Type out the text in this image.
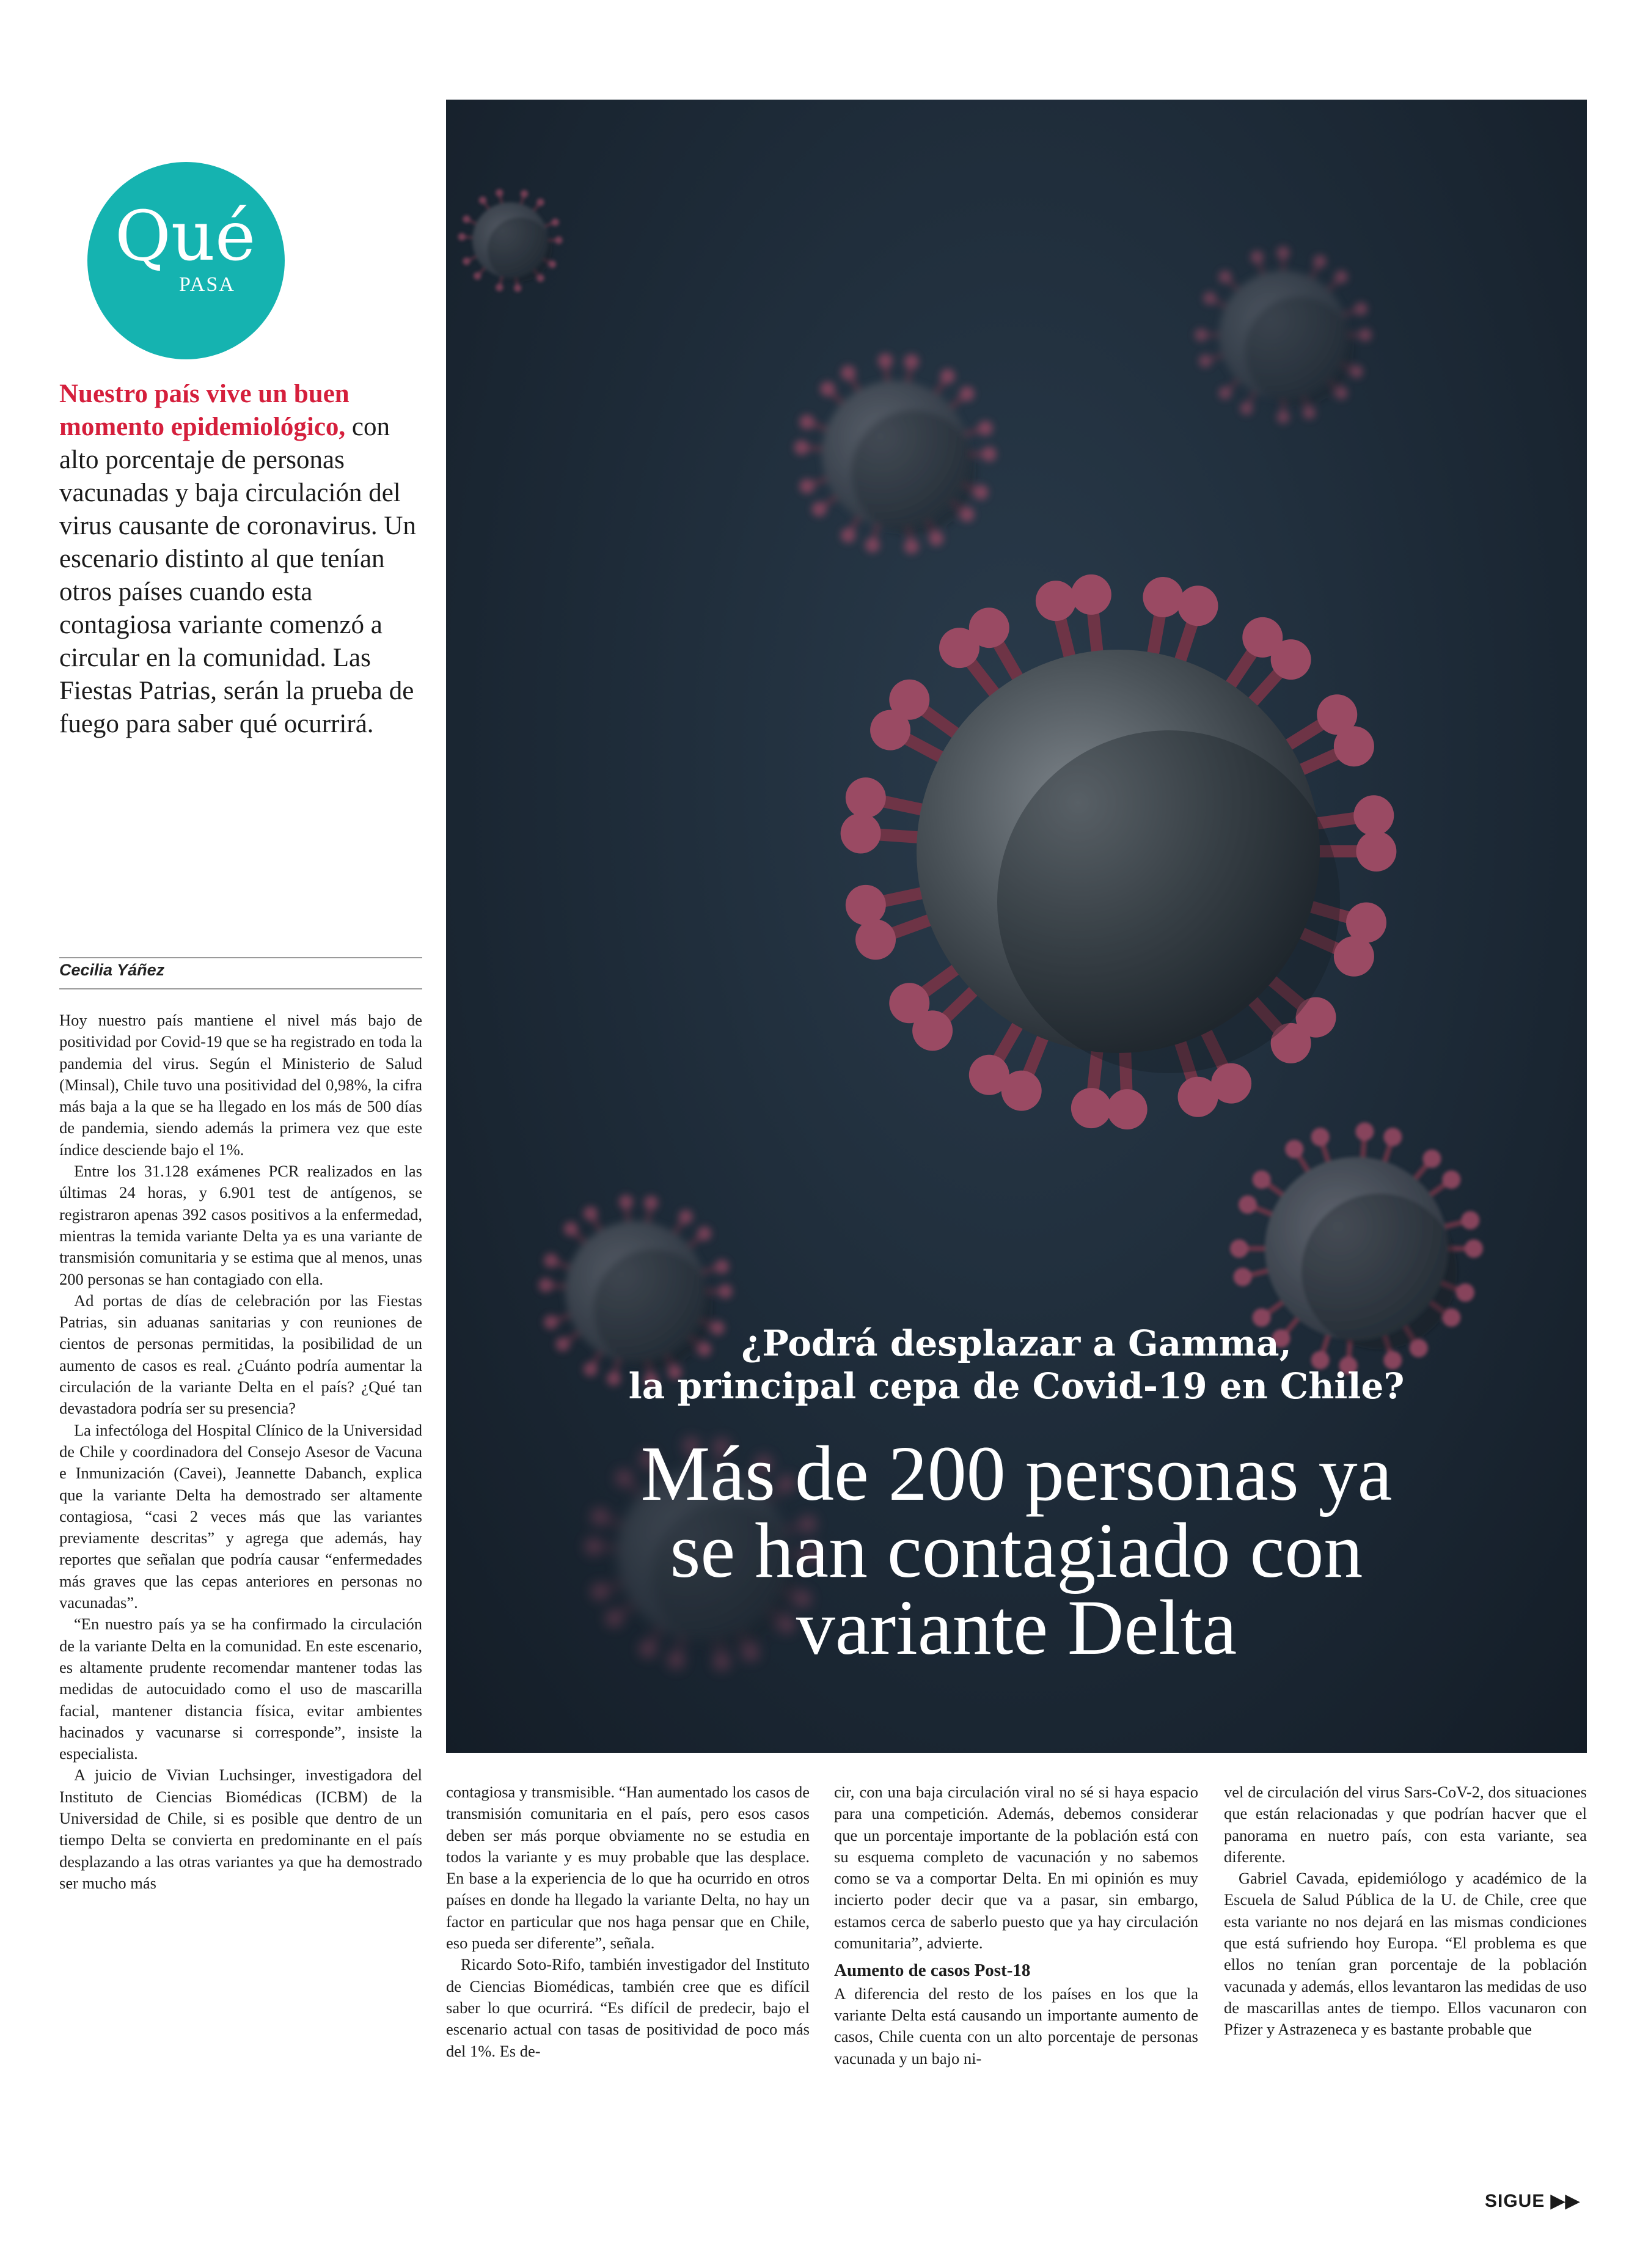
Qué
PASA
Nuestro país vive un buen momento epidemiológico, con alto porcentaje de personas vacunadas y baja circulación del virus causante de coronavirus. Un escenario distinto al que tenían otros países cuando esta contagiosa variante comenzó a circular en la comunidad. Las Fiestas Patrias, serán la prueba de fuego para saber qué ocurrirá.
Cecilia Yáñez

Hoy nuestro país mantiene el nivel más bajo de positividad por Covid-19 que se ha registrado en toda la pandemia del virus. Según el Ministerio de Salud (Minsal), Chile tuvo una positividad del 0,98%, la cifra más baja a la que se ha llegado en los más de 500 días de pandemia, siendo además la primera vez que este índice desciende bajo el 1%.

Entre los 31.128 exámenes PCR realizados en las últimas 24 horas, y 6.901 test de antígenos, se registraron apenas 392 casos positivos a la enfermedad, mientras la temida variante Delta ya es una variante de transmisión comunitaria y se estima que al menos, unas 200 personas se han contagiado con ella.

Ad portas de días de celebración por las Fiestas Patrias, sin aduanas sanitarias y con reuniones de cientos de personas permitidas, la posibilidad de un aumento de casos es real. ¿Cuánto podría aumentar la circulación de la variante Delta en el país? ¿Qué tan devastadora podría ser su presencia?

La infectóloga del Hospital Clínico de la Universidad de Chile y coordinadora del Consejo Asesor de Vacuna e Inmunización (Cavei), Jeannette Dabanch, explica que la variante Delta ha demostrado ser altamente contagiosa, “casi 2 veces más que las variantes previamente descritas” y agrega que además, hay reportes que señalan que podría causar “enfermedades más graves que las cepas anteriores en personas no vacunadas”.

“En nuestro país ya se ha confirmado la circulación de la variante Delta en la comunidad. En este escenario, es altamente prudente recomendar mantener todas las medidas de autocuidado como el uso de mascarilla facial, mantener distancia física, evitar ambientes hacinados y vacunarse si corresponde”, insiste la especialista.

A juicio de Vivian Luchsinger, investigadora del Instituto de Ciencias Biomédicas (ICBM) de la Universidad de Chile, si es posible que dentro de un tiempo Delta se convierta en predominante en el país desplazando a las otras variantes ya que ha demostrado ser mucho más

¿Podrá desplazar a Gamma,
la principal cepa de Covid-19 en Chile?
Más de 200 personas ya
se han contagiado con
variante Delta

contagiosa y transmisible. “Han aumentado los casos de transmisión comunitaria en el país, pero esos casos deben ser más porque obviamente no se estudia en todos la variante y es muy probable que las desplace. En base a la experiencia de lo que ha ocurrido en otros países en donde ha llegado la variante Delta, no hay un factor en particular que nos haga pensar que en Chile, eso pueda ser diferente”, señala.

Ricardo Soto-Rifo, también investigador del Instituto de Ciencias Biomédicas, también cree que es difícil saber lo que ocurrirá. “Es difícil de predecir, bajo el escenario actual con tasas de positividad de poco más del 1%. Es de-

cir, con una baja circulación viral no sé si haya espacio para una competición. Además, debemos considerar que un porcentaje importante de la población está con su esquema completo de vacunación y no sabemos como se va a comportar Delta. En mi opinión es muy incierto poder decir que va a pasar, sin embargo, estamos cerca de saberlo puesto que ya hay circulación comunitaria”, advierte.

Aumento de casos Post-18

A diferencia del resto de los países en los que la variante Delta está causando un importante aumento de casos, Chile cuenta con un alto porcentaje de personas vacunada y un bajo ni-

vel de circulación del virus Sars-CoV-2, dos situaciones que están relacionadas y que podrían hacver que el panorama en nuetro país, con esta variante, sea diferente.

Gabriel Cavada, epidemiólogo y académico de la Escuela de Salud Pública de la U. de Chile, cree que esta variante no nos dejará en las mismas condiciones que está sufriendo hoy Europa. “El problema es que ellos no tenían gran porcentaje de la población vacunada y además, ellos levantaron las medidas de uso de mascarillas antes de tiempo. Ellos vacunaron con Pfizer y Astrazeneca y es bastante probable que

SIGUE ▶▶
